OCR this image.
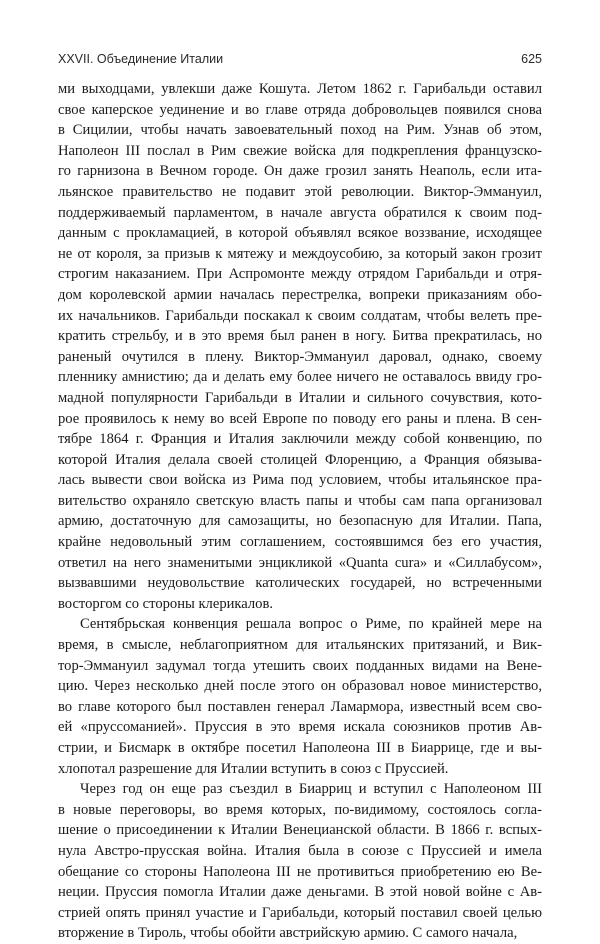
XXVII. Объединение Италии	625
ми выходцами, увлекши даже Кошута. Летом 1862 г. Гарибальди оставил
свое каперское уединение и во главе отряда добровольцев появился снова
в Сицилии, чтобы начать завоевательный поход на Рим. Узнав об этом,
Наполеон III послал в Рим свежие войска для подкрепления французско-
го гарнизона в Вечном городе. Он даже грозил занять Неаполь, если ита-
льянское правительство не подавит этой революции. Виктор-Эммануил,
поддерживаемый парламентом, в начале августа обратился к своим под-
данным с прокламацией, в которой объявлял всякое воззвание, исходящее
не от короля, за призыв к мятежу и междоусобию, за который закон грозит
строгим наказанием. При Аспромонте между отрядом Гарибальди и отря-
дом королевской армии началась перестрелка, вопреки приказаниям обо-
их начальников. Гарибальди поскакал к своим солдатам, чтобы велеть пре-
кратить стрельбу, и в это время был ранен в ногу. Битва прекратилась, но
раненый очутился в плену. Виктор-Эммануил даровал, однако, своему
пленнику амнистию; да и делать ему более ничего не оставалось ввиду гро-
мадной популярности Гарибальди в Италии и сильного сочувствия, кото-
рое проявилось к нему во всей Европе по поводу его раны и плена. В сен-
тябре 1864 г. Франция и Италия заключили между собой конвенцию, по
которой Италия делала своей столицей Флоренцию, а Франция обязыва-
лась вывести свои войска из Рима под условием, чтобы итальянское пра-
вительство охраняло светскую власть папы и чтобы сам папа организовал
армию, достаточную для самозащиты, но безопасную для Италии. Папа,
крайне недовольный этим соглашением, состоявшимся без его участия,
ответил на него знаменитыми энцикликой «Quanta cura» и «Силлабусом»,
вызвавшими неудовольствие католических государей, но встреченными
восторгом со стороны клерикалов.
Сентябрьская конвенция решала вопрос о Риме, по крайней мере на
время, в смысле, неблагоприятном для итальянских притязаний, и Вик-
тор-Эммануил задумал тогда утешить своих подданных видами на Вене-
цию. Через несколько дней после этого он образовал новое министерство,
во главе которого был поставлен генерал Ламармора, известный всем сво-
ей «пруссоманией». Пруссия в это время искала союзников против Ав-
стрии, и Бисмарк в октябре посетил Наполеона III в Биаррице, где и вы-
хлопотал разрешение для Италии вступить в союз с Пруссией.
Через год он еще раз съездил в Биарриц и вступил с Наполеоном III
в новые переговоры, во время которых, по-видимому, состоялось согла-
шение о присоединении к Италии Венецианской области. В 1866 г. вспых-
нула Австро-прусская война. Италия была в союзе с Пруссией и имела
обещание со стороны Наполеона III не противиться приобретению ею Ве-
неции. Пруссия помогла Италии даже деньгами. В этой новой войне с Ав-
стрией опять принял участие и Гарибальди, который поставил своей целью
вторжение в Тироль, чтобы обойти австрийскую армию. С самого начала,
